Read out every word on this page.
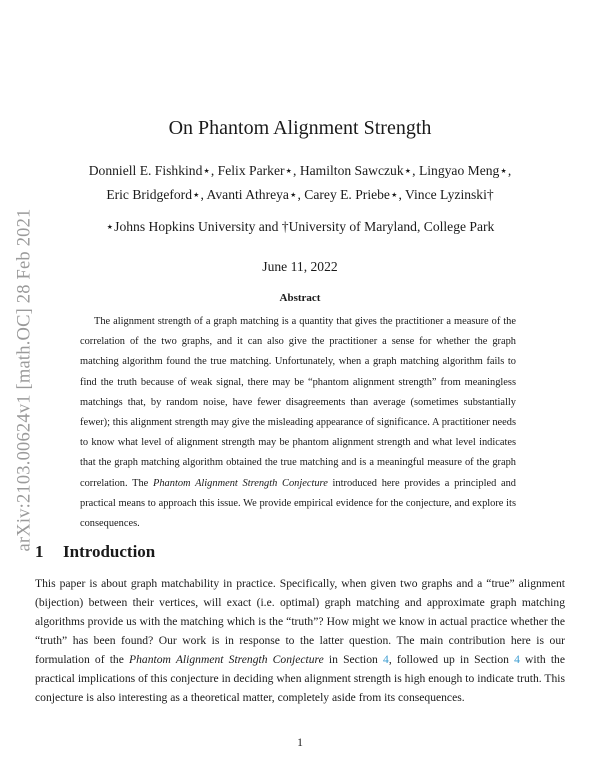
arXiv:2103.00624v1 [math.OC] 28 Feb 2021
On Phantom Alignment Strength
Donniell E. Fishkind⋆, Felix Parker⋆, Hamilton Sawczuk⋆, Lingyao Meng⋆,
Eric Bridgeford⋆, Avanti Athreya⋆, Carey E. Priebe⋆, Vince Lyzinski†
⋆Johns Hopkins University and †University of Maryland, College Park
June 11, 2022
Abstract
The alignment strength of a graph matching is a quantity that gives the practitioner a measure of the correlation of the two graphs, and it can also give the practitioner a sense for whether the graph matching algorithm found the true matching. Unfortunately, when a graph matching algorithm fails to find the truth because of weak signal, there may be “phantom alignment strength” from meaningless matchings that, by random noise, have fewer disagreements than average (sometimes substantially fewer); this alignment strength may give the misleading appearance of significance. A practitioner needs to know what level of alignment strength may be phantom alignment strength and what level indicates that the graph matching algorithm obtained the true matching and is a meaningful measure of the graph correlation. The Phantom Alignment Strength Conjecture introduced here provides a principled and practical means to approach this issue. We provide empirical evidence for the conjecture, and explore its consequences.
1 Introduction
This paper is about graph matchability in practice. Specifically, when given two graphs and a “true” alignment (bijection) between their vertices, will exact (i.e. optimal) graph matching and approximate graph matching algorithms provide us with the matching which is the “truth”? How might we know in actual practice whether the “truth” has been found? Our work is in response to the latter question. The main contribution here is our formulation of the Phantom Alignment Strength Conjecture in Section 4, followed up in Section 4 with the practical implications of this conjecture in deciding when alignment strength is high enough to indicate truth. This conjecture is also interesting as a theoretical matter, completely aside from its consequences.
1
